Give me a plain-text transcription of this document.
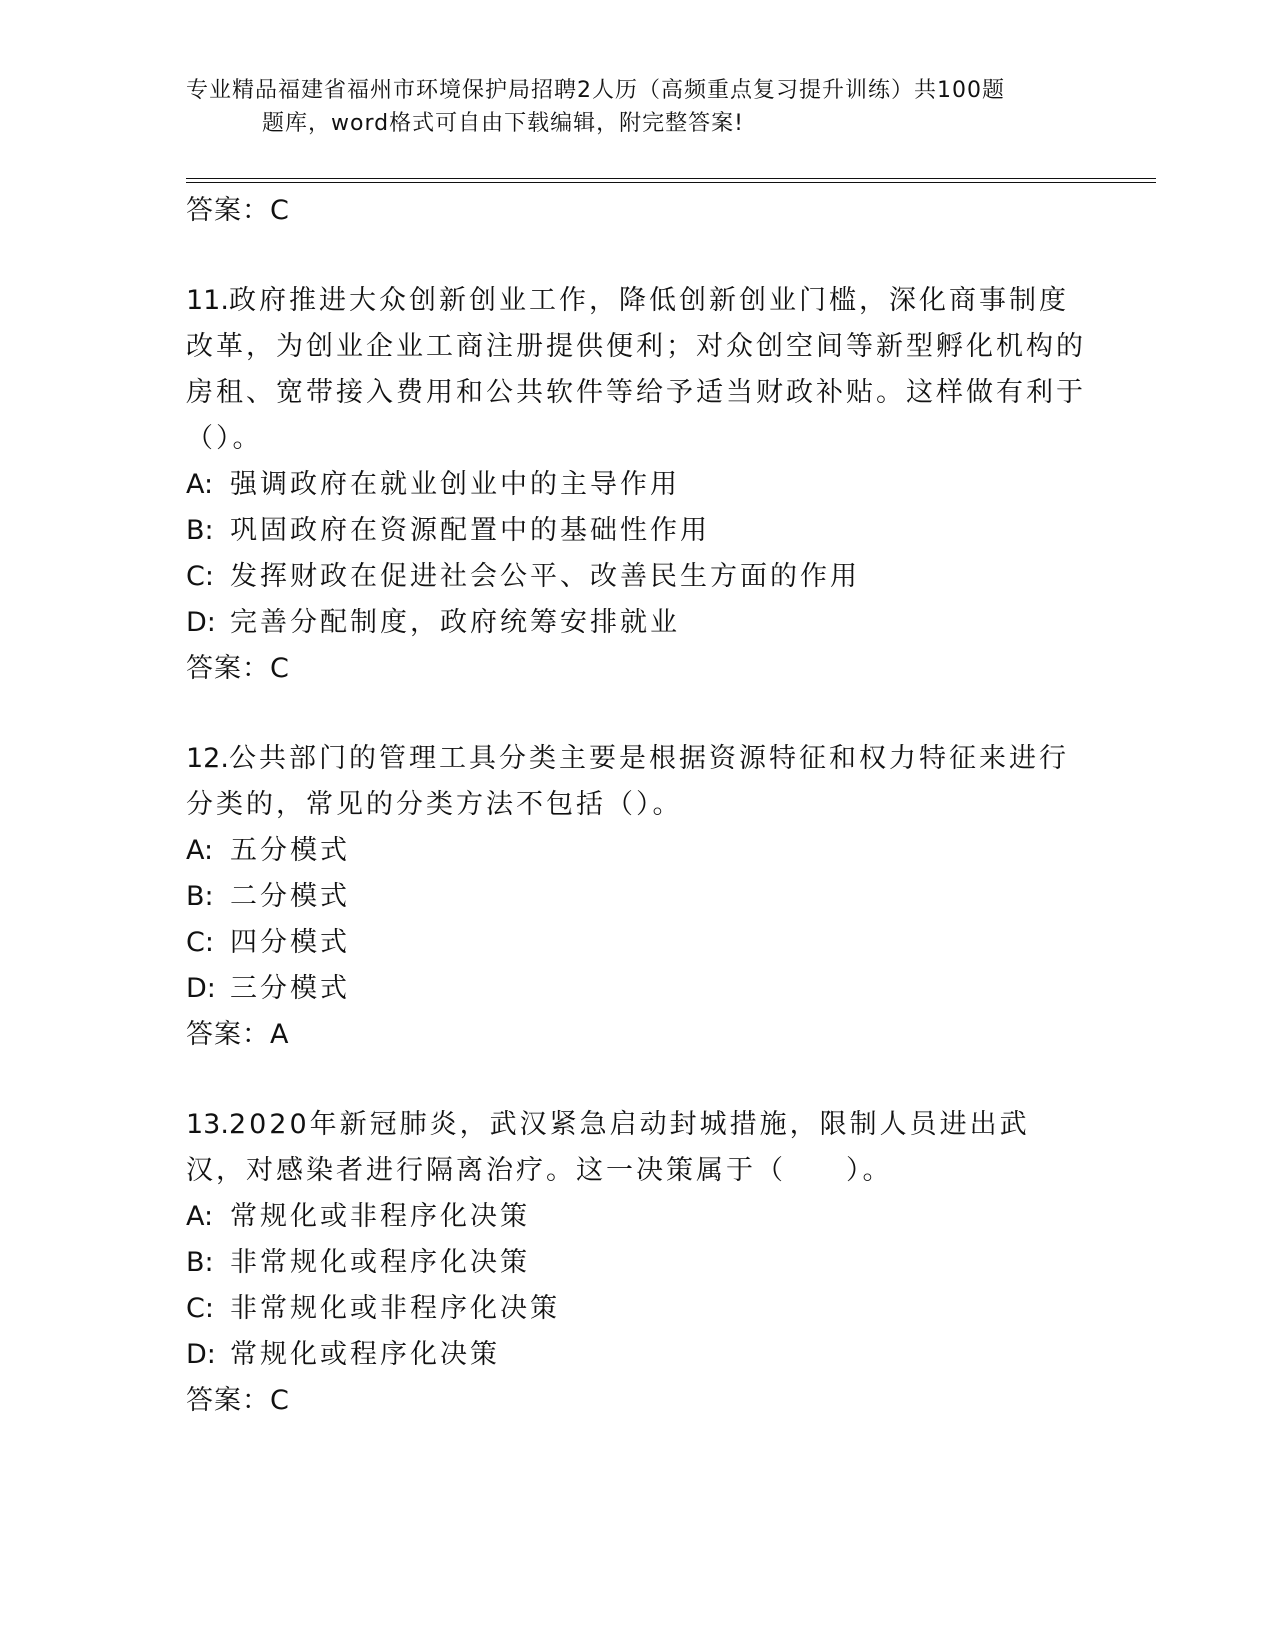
专业精品福建省福州市环境保护局招聘2人历（高频重点复习提升训练）共100题
题库，word格式可自由下载编辑，附完整答案!
答案：C
11.政府推进大众创新创业工作，降低创新创业门槛，深化商事制度改革，为创业企业工商注册提供便利；对众创空间等新型孵化机构的房租、宽带接入费用和公共软件等给予适当财政补贴。这样做有利于（）。
A: 强调政府在就业创业中的主导作用
B: 巩固政府在资源配置中的基础性作用
C: 发挥财政在促进社会公平、改善民生方面的作用
D: 完善分配制度，政府统筹安排就业
答案：C
12.公共部门的管理工具分类主要是根据资源特征和权力特征来进行分类的，常见的分类方法不包括（）。
A: 五分模式
B: 二分模式
C: 四分模式
D: 三分模式
答案：A
13.2020年新冠肺炎，武汉紧急启动封城措施，限制人员进出武汉，对感染者进行隔离治疗。这一决策属于（　　）。
A: 常规化或非程序化决策
B: 非常规化或程序化决策
C: 非常规化或非程序化决策
D: 常规化或程序化决策
答案：C
